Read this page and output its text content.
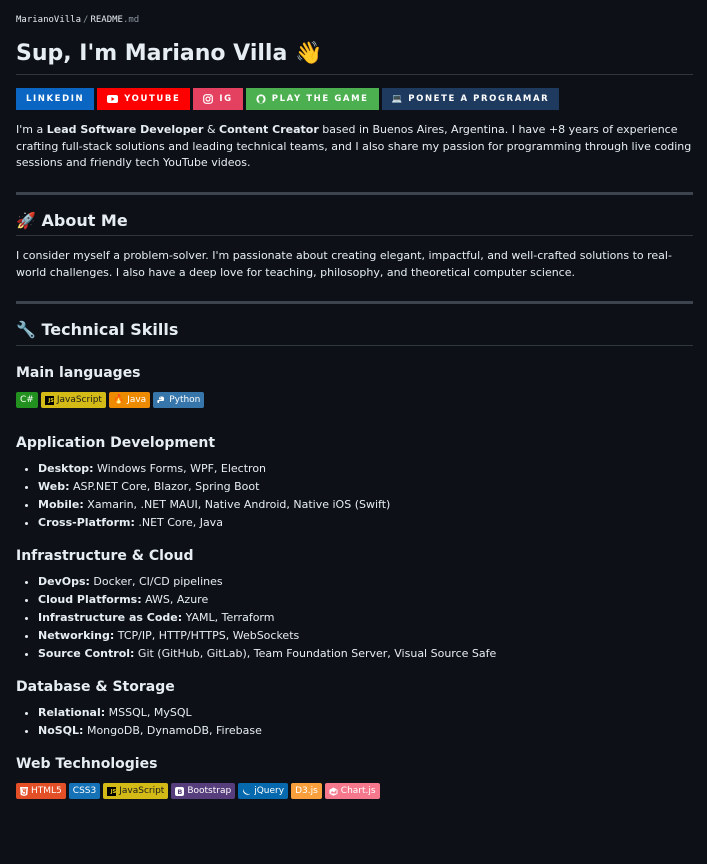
MarianoVilla / README.md
Sup, I'm Mariano Villa 👋
LINKEDIN	YOUTUBE	IG	PLAY THE GAME	💻 PONETE A PROGRAMAR

I'm a Lead Software Developer & Content Creator based in Buenos Aires, Argentina. I have +8 years of experience crafting full-stack solutions and leading technical teams, and I also share my passion for programming through live coding sessions and friendly tech YouTube videos.

🚀 About Me

I consider myself a problem-solver. I'm passionate about creating elegant, impactful, and well-crafted solutions to real-world challenges. I also have a deep love for teaching, philosophy, and theoretical computer science.

🔧 Technical Skills
Main languages
C#	JS JavaScript 🔥 Java	Python
Application Development
• Desktop: Windows Forms, WPF, Electron
• Web: ASP.NET Core, Blazor, Spring Boot
• Mobile: Xamarin, .NET MAUI, Native Android, Native iOS (Swift)
• Cross-Platform: .NET Core, Java
Infrastructure & Cloud
• DevOps: Docker, CI/CD pipelines
• Cloud Platforms: AWS, Azure
• Infrastructure as Code: YAML, Terraform
• Networking: TCP/IP, HTTP/HTTPS, WebSockets
• Source Control: Git (GitHub, GitLab), Team Foundation Server, Visual Source Safe
Database & Storage
• Relational: MSSQL, MySQL
• NoSQL: MongoDB, DynamoDB, Firebase
Web Technologies
HTML5 CSS3	JS JavaScript B Bootstrap	jQuery D3.js	Chart.js
